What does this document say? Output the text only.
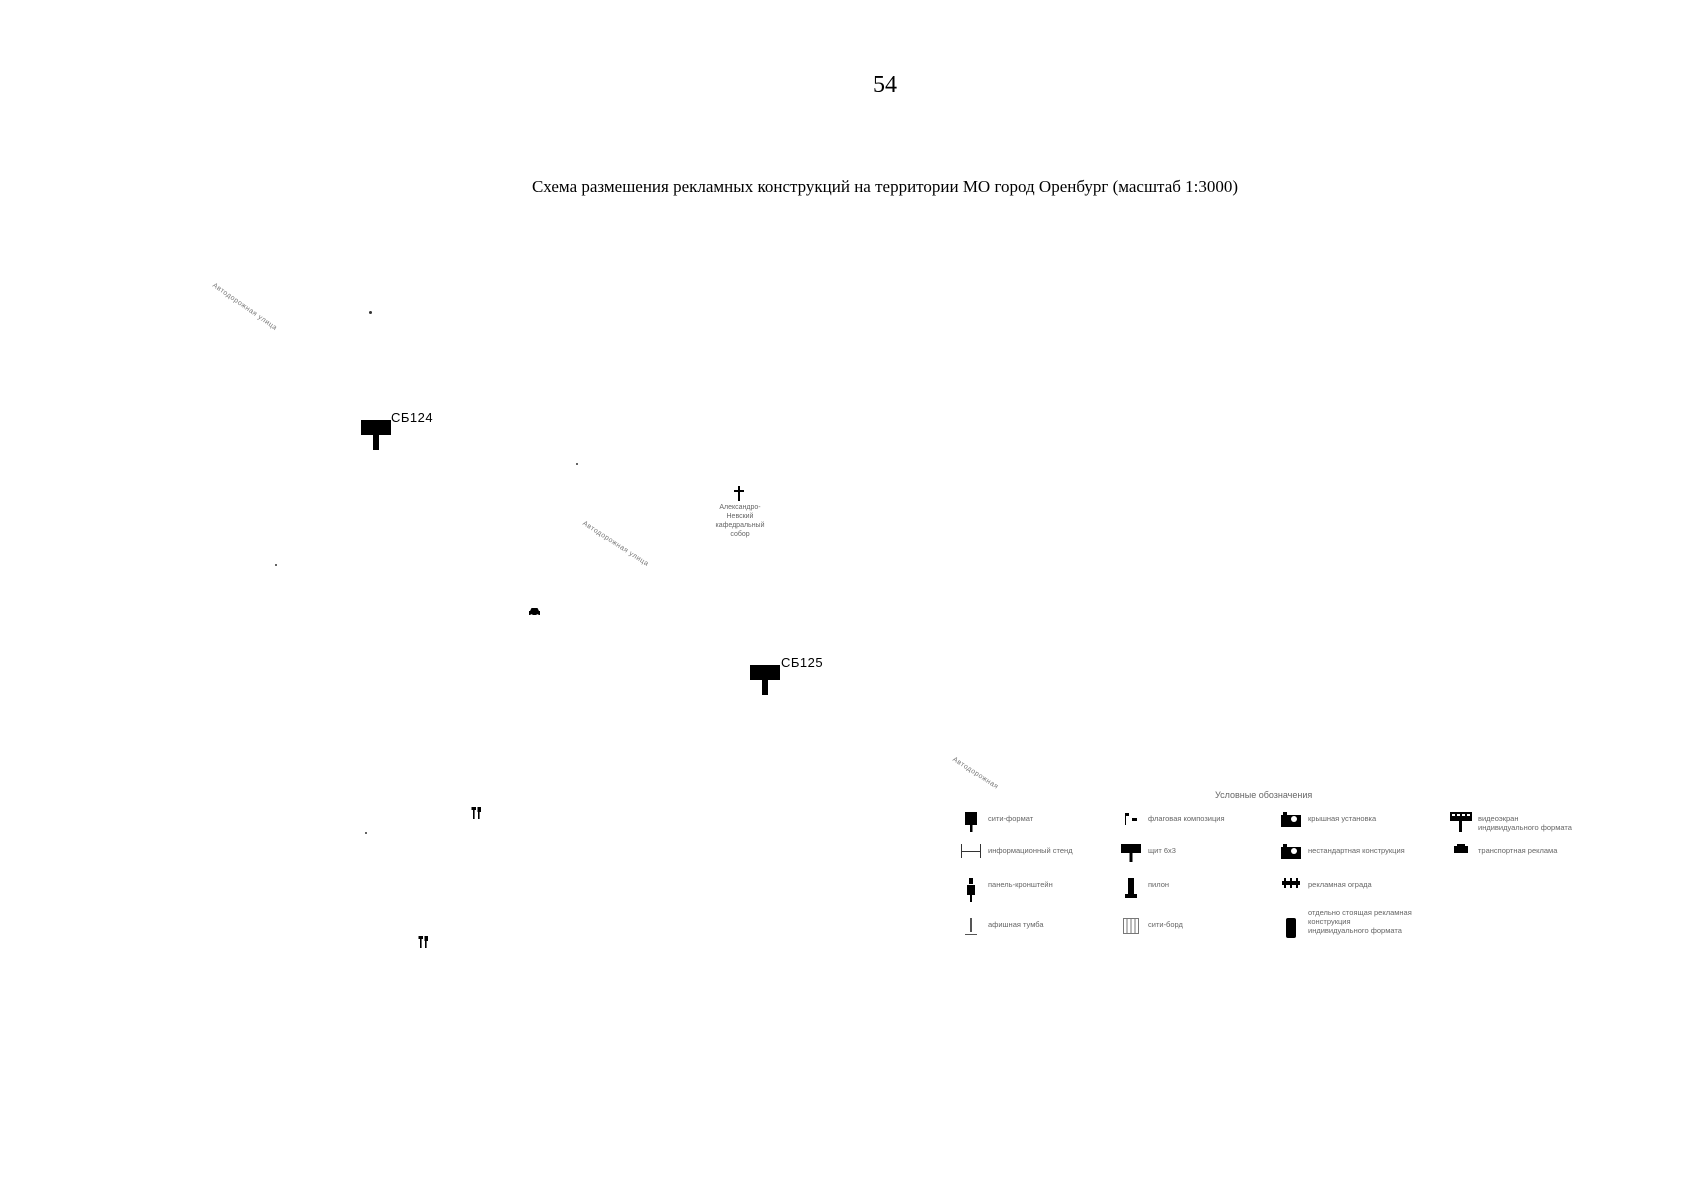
54
Схема размешения рекламных конструкций на территории МО город Оренбург (масштаб 1:3000)
Автодорожная улица
Автодорожная улица
Автодорожная
СБ124
СБ125
Александро-
Невский
кафедральный
собор
Условные обозначения
сити-формат	флаговая композиция	крышная установка	видеоэкран
индивидуального формата
информационный стенд	щит 6х3	нестандартная конструкция	транспортная реклама
панель-кронштейн	пилон	рекламная ограда
афишная тумба	сити-борд
отдельно стоящая рекламная
конструкция
индивидуального формата
